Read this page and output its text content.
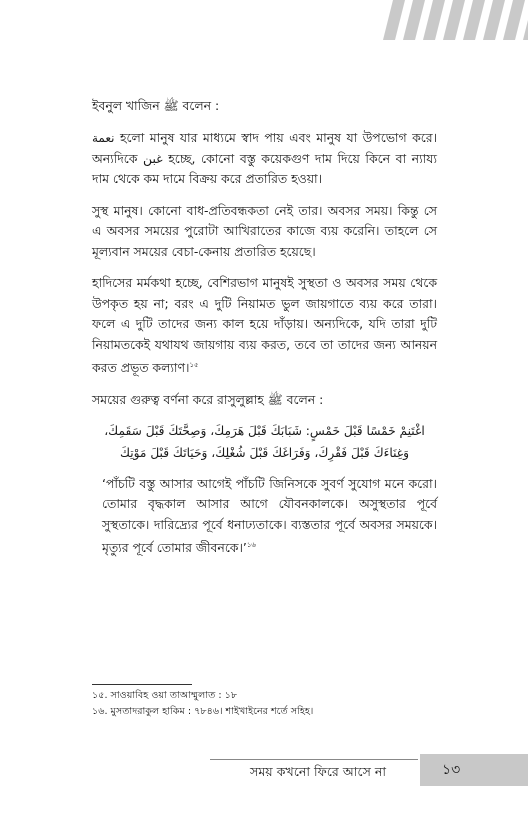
ইবনুল খাজিন ﷺ বলেন :

نعمة হলো মানুষ যার মাধ্যমে স্বাদ পায় এবং মানুষ যা উপভোগ করে। অন্যদিকে غبن হচ্ছে, কোনো বস্তু কয়েকগুণ দাম দিয়ে কিনে বা ন্যায্য দাম থেকে কম দামে বিক্রয় করে প্রতারিত হওয়া।

সুস্থ মানুষ। কোনো বাধ-প্রতিবন্ধকতা নেই তার। অবসর সময়। কিন্তু সে এ অবসর সময়ের পুরোটা আখিরাতের কাজে ব্যয় করেনি। তাহলে সে মূল্যবান সময়ের বেচা-কেনায় প্রতারিত হয়েছে।

হাদিসের মর্মকথা হচ্ছে, বেশিরভাগ মানুষই সুস্থতা ও অবসর সময় থেকে উপকৃত হয় না; বরং এ দুটি নিয়ামত ভুল জায়গাতে ব্যয় করে তারা। ফলে এ দুটি তাদের জন্য কাল হয়ে দাঁড়ায়। অন্যদিকে, যদি তারা দুটি নিয়ামতকেই যথাযথ জায়গায় ব্যয় করত, তবে তা তাদের জন্য আনয়ন করত প্রভূত কল্যাণ।$^{১৫}$

সময়ের গুরুত্ব বর্ণনা করে রাসুলুল্লাহ ﷺ বলেন :

اغْتَنِمْ خَمْسًا قَبْلَ خَمْسٍ: شَبَابَكَ قَبْلَ هَرَمِكَ، وَصِحَّتَكَ قَبْلَ سَقَمِكَ،

وَغِنَاءَكَ قَبْلَ فَقْرِكَ، وَفَرَاغَكَ قَبْلَ شُغْلِكَ، وَحَيَاتَكَ قَبْلَ مَوْتِكَ

‘পাঁচটি বস্তু আসার আগেই পাঁচটি জিনিসকে সুবর্ণ সুযোগ মনে করো। তোমার বৃদ্ধকাল আসার আগে যৌবনকালকে। অসুস্থতার পূর্বে সুস্থতাকে। দারিদ্র্যের পূর্বে ধনাঢ্যতাকে। ব্যস্ততার পূর্বে অবসর সময়কে। মৃত্যুর পূর্বে তোমার জীবনকে।’$^{১৬}$

১৫. সাওয়াবিহ ওয়া তাআম্মুলাত : ১৮
১৬. মুসতাদরাকুল হাকিম : ৭৮৪৬। শাইখাইনের শর্তে সহিহ।
সময় কখনো ফিরে আসে না	১৩
